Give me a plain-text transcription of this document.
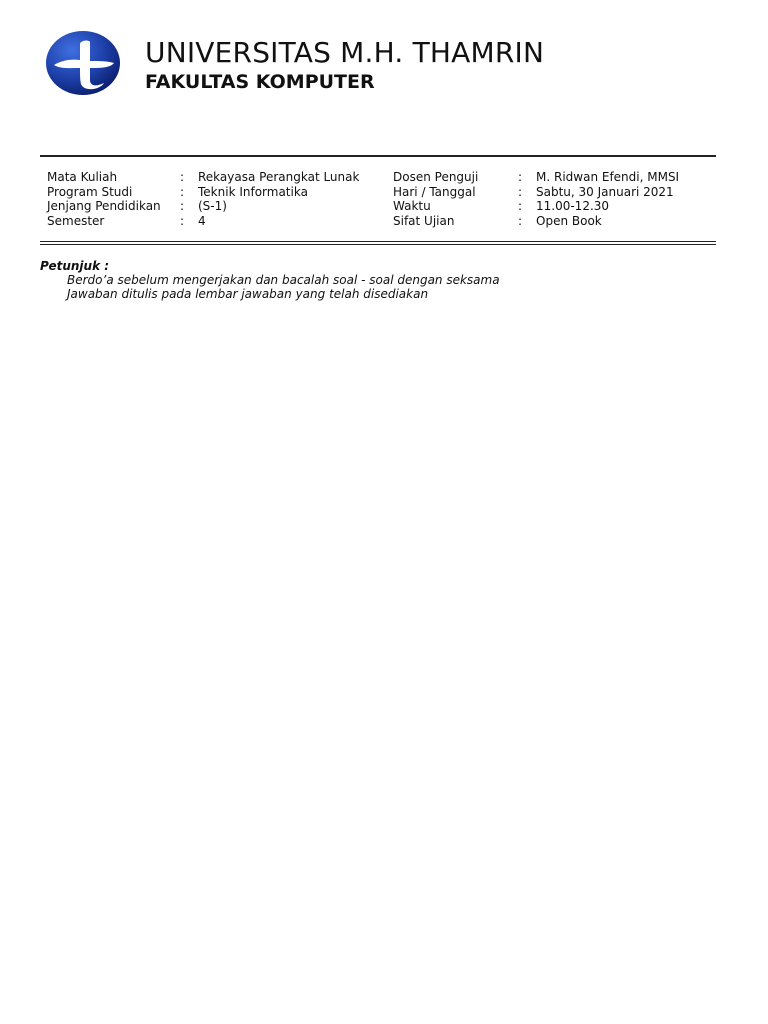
UNIVERSITAS M.H. THAMRIN
FAKULTAS KOMPUTER
Mata Kuliah	: Rekayasa Perangkat Lunak
Program Studi	: Teknik Informatika
Jenjang Pendidikan : (S-1)
Semester	: 4
Dosen Penguji	: M. Ridwan Efendi, MMSI
Hari / Tanggal	: Sabtu, 30 Januari 2021
Waktu	: 11.00-12.30
Sifat Ujian	: Open Book
Petunjuk :
Berdo’a sebelum mengerjakan dan bacalah soal - soal dengan seksama
Jawaban ditulis pada lembar jawaban yang telah disediakan
